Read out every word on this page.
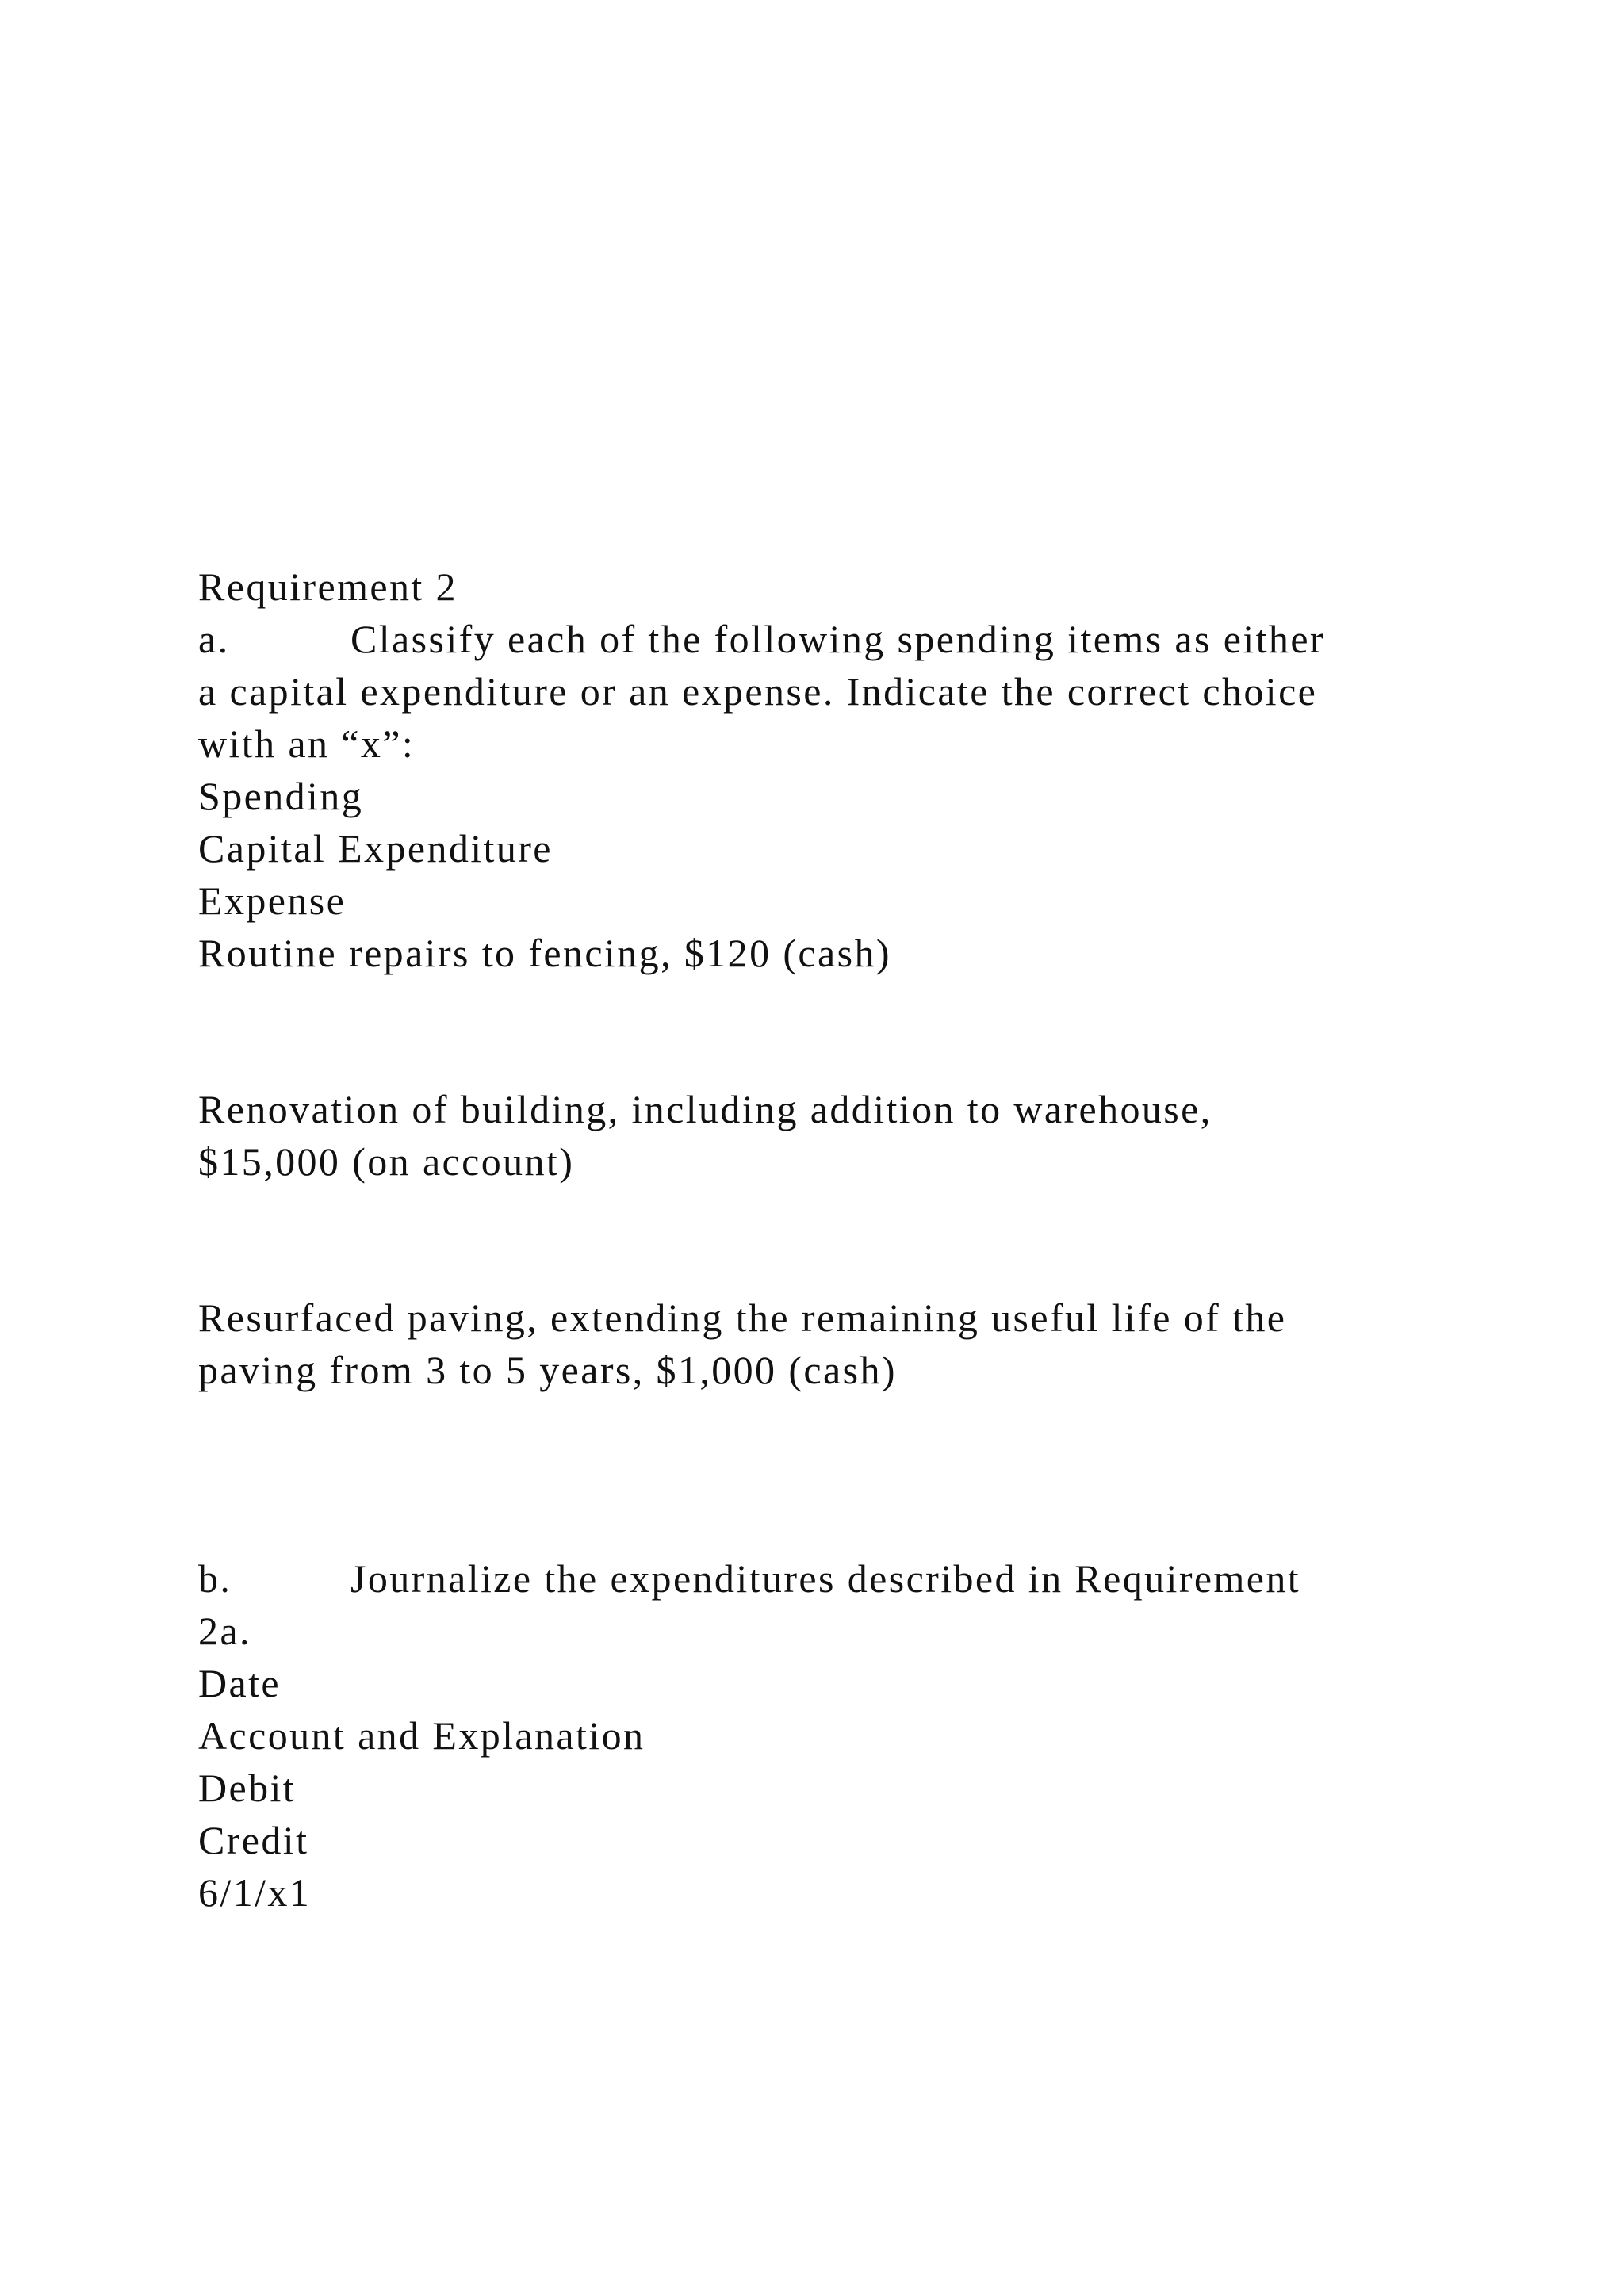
Requirement 2
a.	Classify each of the following spending items as either
a capital expenditure or an expense. Indicate the correct choice
with an “x”:
Spending
Capital Expenditure
Expense
Routine repairs to fencing, $120 (cash)
Renovation of building, including addition to warehouse,
$15,000 (on account)
Resurfaced paving, extending the remaining useful life of the
paving from 3 to 5 years, $1,000 (cash)
b.	Journalize the expenditures described in Requirement
2a.
Date
Account and Explanation
Debit
Credit
6/1/x1
